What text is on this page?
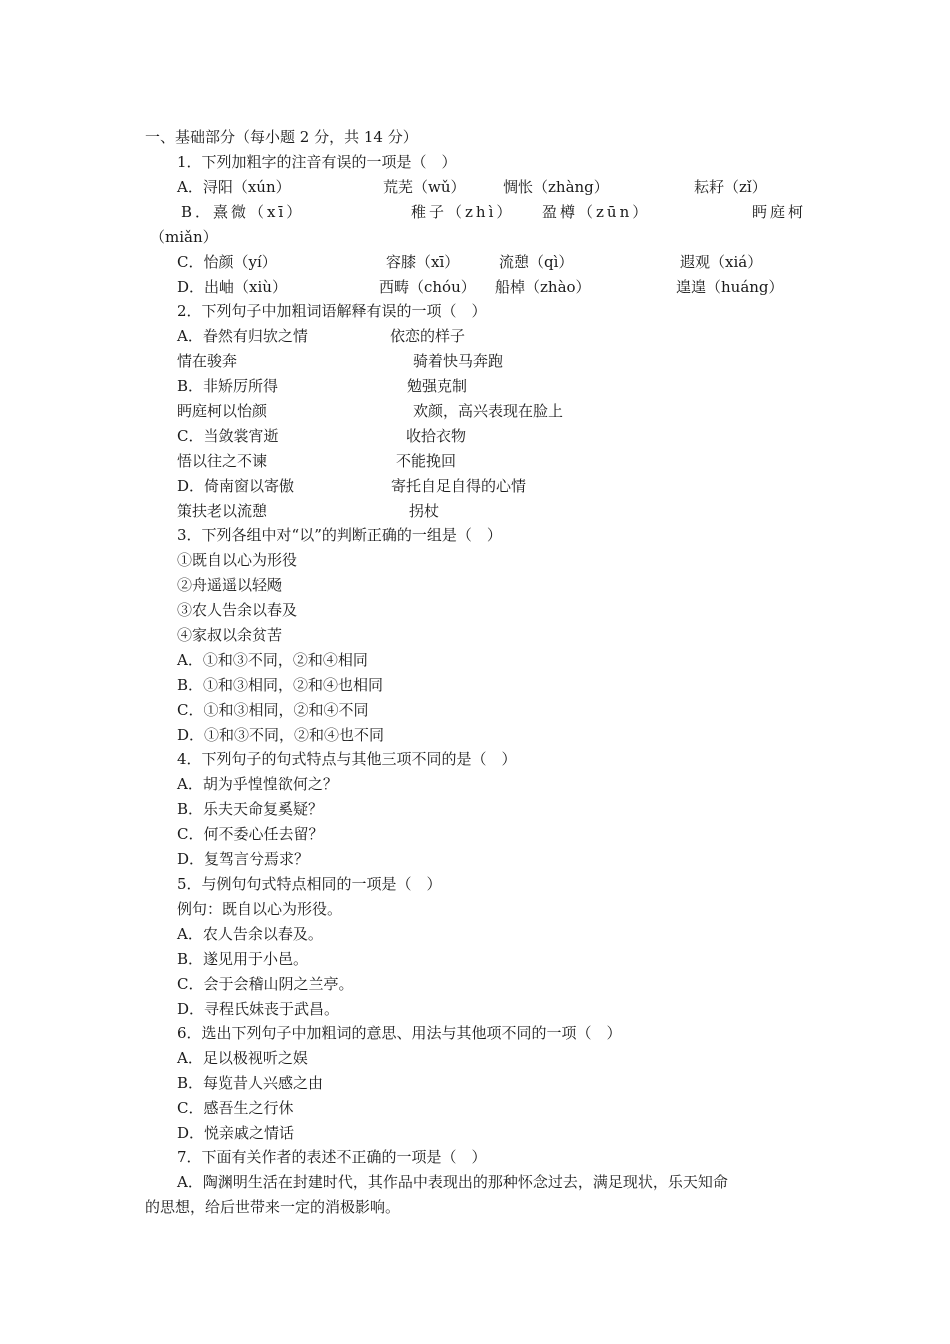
一、基础部分（每小题 2 分，共 14 分）
1．下列加粗字的注音有误的一项是（　）
A．浔阳（xún）	荒芜（wǔ） 惆怅（zhàng）	耘耔（zǐ）
B．熹微（xī）	稚子（zhì） 盈樽（zūn）	眄庭柯
（miǎn）
C．怡颜（yí）	容膝（xī）	流憩（qì）	遐观（xiá）
D．出岫（xiù）	西畴（chóu） 船棹（zhào）	遑遑（huáng）
2．下列句子中加粗词语解释有误的一项（　）
A．眷然有归欤之情	依恋的样子
情在骏奔	骑着快马奔跑
B．非矫厉所得	勉强克制
眄庭柯以怡颜	欢颜，高兴表现在脸上
C．当敛裳宵逝	收拾衣物
悟以往之不谏	不能挽回
D．倚南窗以寄傲	寄托自足自得的心情
策扶老以流憩	拐杖
3．下列各组中对“以”的判断正确的一组是（　）
①既自以心为形役
②舟遥遥以轻飏
③农人告余以春及
④家叔以余贫苦
A．①和③不同，②和④相同
B．①和③相同，②和④也相同
C．①和③相同，②和④不同
D．①和③不同，②和④也不同
4．下列句子的句式特点与其他三项不同的是（　）
A．胡为乎惶惶欲何之？
B．乐夫天命复奚疑？
C．何不委心任去留？
D．复驾言兮焉求？
5．与例句句式特点相同的一项是（　）
例句：既自以心为形役。
A．农人告余以春及。
B．遂见用于小邑。
C．会于会稽山阴之兰亭。
D．寻程氏妹丧于武昌。
6．选出下列句子中加粗词的意思、用法与其他项不同的一项（　）
A．足以极视听之娱
B．每览昔人兴感之由
C．感吾生之行休
D．悦亲戚之情话
7．下面有关作者的表述不正确的一项是（　）
A．陶渊明生活在封建时代，其作品中表现出的那种怀念过去，满足现状，乐天知命
的思想，给后世带来一定的消极影响。
